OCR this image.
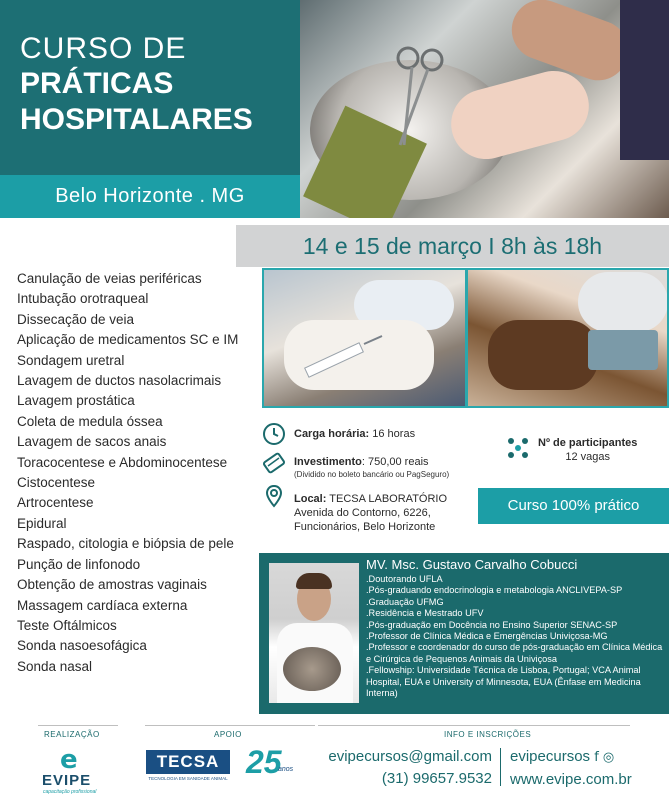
CURSO DE
PRÁTICAS
HOSPITALARES
Belo Horizonte . MG
14 e 15 de março I 8h às 18h
Canulação de veias periféricas
Intubação orotraqueal
Dissecação de veia
Aplicação de medicamentos SC e IM
Sondagem uretral
Lavagem de ductos nasolacrimais
Lavagem prostática
Coleta de medula óssea
Lavagem de sacos anais
Toracocentese e Abdominocentese
Cistocentese
Artrocentese
Epidural
Raspado, citologia e biópsia de pele
Punção de linfonodo
Obtenção de amostras vaginais
Massagem cardíaca externa
Teste Oftálmicos
Sonda nasoesofágica
Sonda nasal
Carga horária: 16 horas
Investimento: 750,00 reais
(Dividido no boleto bancário ou PagSeguro)
Local: TECSA LABORATÓRIO
Avenida do Contorno, 6226,
Funcionários, Belo Horizonte
Nº de participantes
12 vagas
Curso 100% prático
MV. Msc. Gustavo Carvalho Cobucci
.Doutorando UFLA
.Pós-graduando endocrinologia e metabologia ANCLIVEPA-SP
.Graduação UFMG
.Residência e Mestrado UFV
.Pós-graduação em Docência no Ensino Superior SENAC-SP
.Professor de Clínica Médica e Emergências Univiçosa-MG
.Professor e coordenador do curso de pós-graduação em Clínica Médica e Cirúrgica de Pequenos Animais da Univiçosa
.Fellowship: Universidade Técnica de Lisboa, Portugal; VCA Animal Hospital, EUA e University of Minnesota, EUA (Ênfase em Medicina Interna)
REALIZAÇÃO	APOIO	INFO E INSCRIÇÕES
e
EVIPE
capacitação profissional
TECSA
TECNOLOGIA EM SANIDADE ANIMAL 25
anos
evipecursos@gmail.com
(31) 99657.9532
evipecursos f ◎
www.evipe.com.br
